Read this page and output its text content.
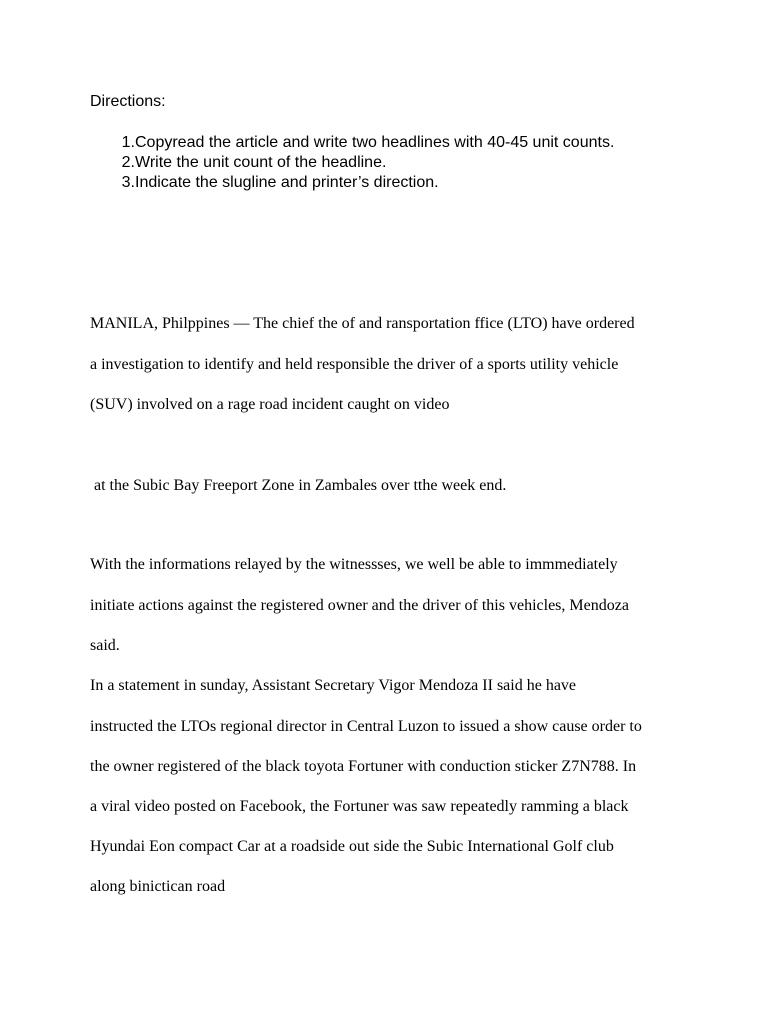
Directions:
1. Copyread the article and write two headlines with 40-45 unit counts.
2. Write the unit count of the headline.
3. Indicate the slugline and printer’s direction.

MANILA, Philppines — The chief the of and ransportation ffice (LTO) have ordered

a investigation to identify and held responsible the driver of a sports utility vehicle

(SUV) involved on a rage road incident caught on video

at the Subic Bay Freeport Zone in Zambales over tthe week end.

With the informations relayed by the witnessses, we well be able to immmediately

initiate actions against the registered owner and the driver of this vehicles, Mendoza

said.

In a statement in sunday, Assistant Secretary Vigor Mendoza II said he have

instructed the LTOs regional director in Central Luzon to issued a show cause order to

the owner registered of the black toyota Fortuner with conduction sticker Z7N788. In

a viral video posted on Facebook, the Fortuner was saw repeatedly ramming a black

Hyundai Eon compact Car at a roadside out side the Subic International Golf club

along binictican road
